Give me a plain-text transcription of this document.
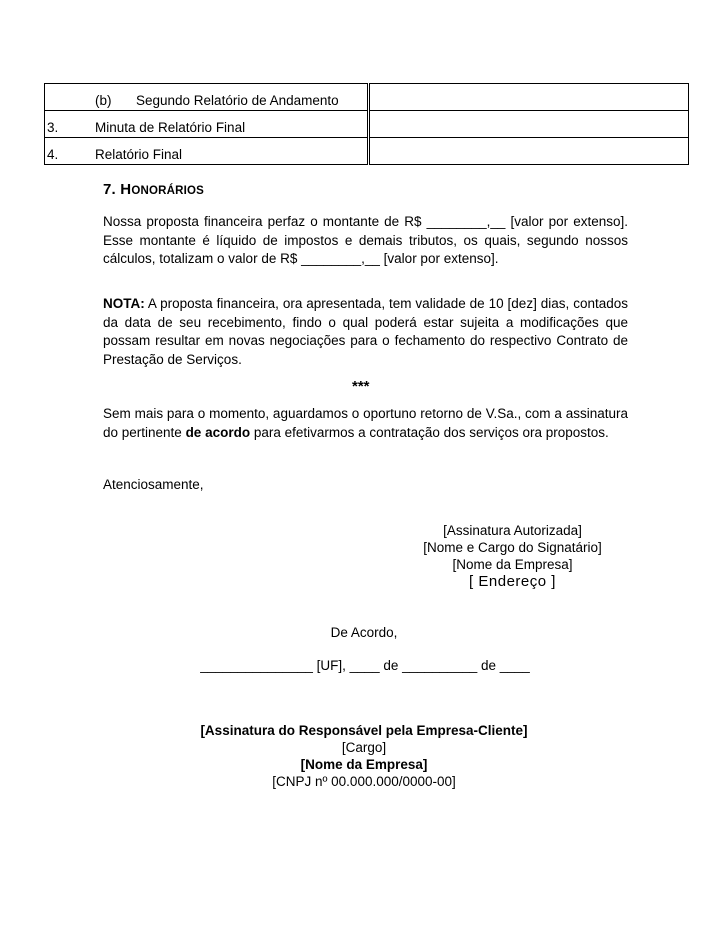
(b) Segundo Relatório de Andamento	

3. Minuta de Relatório Final	

4. Relatório Final	

7. HONORÁRIOS
Nossa proposta financeira perfaz o montante de R$ ________,__ [valor por extenso]. Esse montante é líquido de impostos e demais tributos, os quais, segundo nossos cálculos, totalizam o valor de R$ ________,__ [valor por extenso].
NOTA: A proposta financeira, ora apresentada, tem validade de 10 [dez] dias, contados da data de seu recebimento, findo o qual poderá estar sujeita a modificações que possam resultar em novas negociações para o fechamento do respectivo Contrato de Prestação de Serviços.
***
Sem mais para o momento, aguardamos o oportuno retorno de V.Sa., com a assinatura do pertinente de acordo para efetivarmos a contratação dos serviços ora propostos.
Atenciosamente,
[Assinatura Autorizada]
[Nome e Cargo do Signatário]
[Nome da Empresa]
[ Endereço ]
De Acordo,
_______________ [UF], ____ de __________ de ____
[Assinatura do Responsável pela Empresa-Cliente]
[Cargo]
[Nome da Empresa]
[CNPJ nº 00.000.000/0000-00]
